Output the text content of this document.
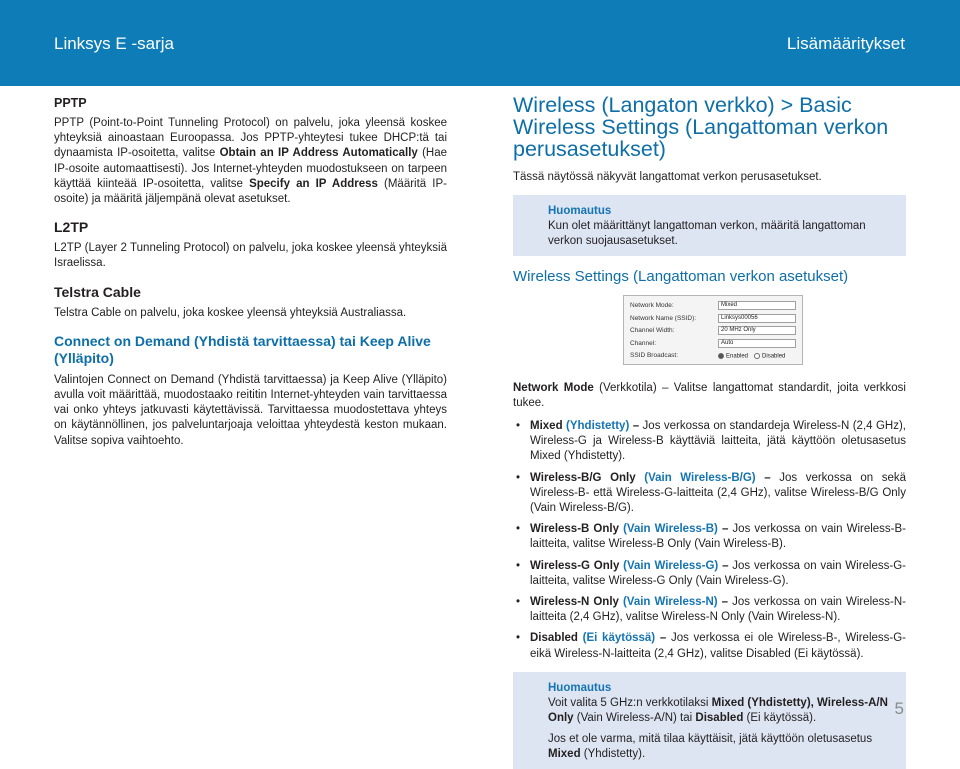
Linksys E -sarja	Lisämääritykset
PPTP

PPTP (Point-to-Point Tunneling Protocol) on palvelu, joka yleensä koskee yhteyksiä ainoastaan Euroopassa. Jos PPTP-yhteytesi tukee DHCP:tä tai dynaamista IP-osoitetta, valitse Obtain an IP Address Automatically (Hae IP-osoite automaattisesti). Jos Internet-yhteyden muodostukseen on tarpeen käyttää kiinteää IP-osoitetta, valitse Specify an IP Address (Määritä IP-osoite) ja määritä jäljempänä olevat asetukset.

L2TP

L2TP (Layer 2 Tunneling Protocol) on palvelu, joka koskee yleensä yhteyksiä Israelissa.

Telstra Cable

Telstra Cable on palvelu, joka koskee yleensä yhteyksiä Australiassa.

Connect on Demand (Yhdistä tarvittaessa) tai Keep Alive (Ylläpito)

Valintojen Connect on Demand (Yhdistä tarvittaessa) ja Keep Alive (Ylläpito) avulla voit määrittää, muodostaako reititin Internet-yhteyden vain tarvittaessa vai onko yhteys jatkuvasti käytettävissä. Tarvittaessa muodostettava yhteys on käytännöllinen, jos palveluntarjoaja veloittaa yhteydestä keston mukaan. Valitse sopiva vaihtoehto.

Wireless (Langaton verkko) > Basic Wireless Settings (Langattoman verkon perusasetukset)

Tässä näytössä näkyvät langattomat verkon perusasetukset.

Huomautus

Kun olet määrittänyt langattoman verkon, määritä langattoman verkon suojausasetukset.

Wireless Settings (Langattoman verkon asetukset)
Network Mode:	Mixed
Network Name (SSID):	Linksys00056
Channel Width:	20 MHz Only
Channel:	Auto
SSID Broadcast:	Enabled	Disabled

Network Mode (Verkkotila) – Valitse langattomat standardit, joita verkkosi tukee.

• Mixed (Yhdistetty) – Jos verkossa on standardeja Wireless-N (2,4 GHz), Wireless-G ja Wireless-B käyttäviä laitteita, jätä käyttöön oletusasetus Mixed (Yhdistetty).
• Wireless-B/G Only (Vain Wireless-B/G) – Jos verkossa on sekä Wireless-B- että Wireless-G-laitteita (2,4 GHz), valitse Wireless-B/G Only (Vain Wireless-B/G).
• Wireless-B Only (Vain Wireless-B) – Jos verkossa on vain Wireless-B-laitteita, valitse Wireless-B Only (Vain Wireless-B).
• Wireless-G Only (Vain Wireless-G) – Jos verkossa on vain Wireless-G-laitteita, valitse Wireless-G Only (Vain Wireless-G).
• Wireless-N Only (Vain Wireless-N) – Jos verkossa on vain Wireless-N-laitteita (2,4 GHz), valitse Wireless-N Only (Vain Wireless-N).
• Disabled (Ei käytössä) – Jos verkossa ei ole Wireless-B-, Wireless-G- eikä Wireless-N-laitteita (2,4 GHz), valitse Disabled (Ei käytössä).
Huomautus

Voit valita 5 GHz:n verkkotilaksi Mixed (Yhdistetty), Wireless-A/N Only (Vain Wireless-A/N) tai Disabled (Ei käytössä).

Jos et ole varma, mitä tilaa käyttäisit, jätä käyttöön oletusasetus Mixed (Yhdistetty).

5
